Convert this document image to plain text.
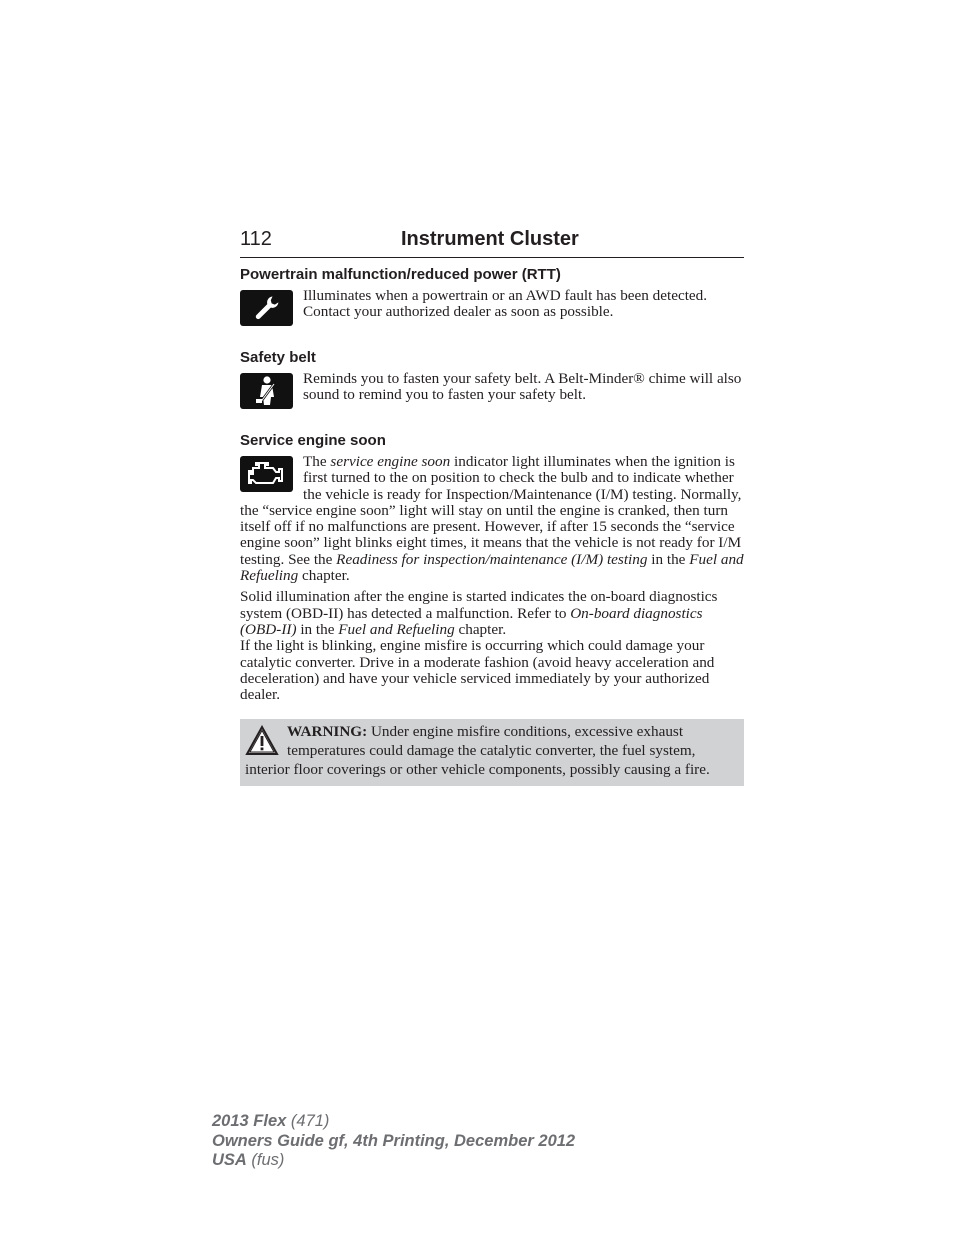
112	Instrument Cluster
Powertrain malfunction/reduced power (RTT)

Illuminates when a powertrain or an AWD fault has been detected. Contact your authorized dealer as soon as possible.

Safety belt

Reminds you to fasten your safety belt. A Belt-Minder® chime will also sound to remind you to fasten your safety belt.

Service engine soon

The service engine soon indicator light illuminates when the ignition is first turned to the on position to check the bulb and to indicate whether the vehicle is ready for Inspection/Maintenance (I/M) testing. Normally, the “service engine soon” light will stay on until the engine is cranked, then turn itself off if no malfunctions are present. However, if after 15 seconds the “service engine soon” light blinks eight times, it means that the vehicle is not ready for I/M testing. See the Readiness for inspection/maintenance (I/M) testing in the Fuel and Refueling chapter.

Solid illumination after the engine is started indicates the on-board diagnostics system (OBD-II) has detected a malfunction. Refer to On-board diagnostics (OBD-II) in the Fuel and Refueling chapter.
If the light is blinking, engine misfire is occurring which could damage your catalytic converter. Drive in a moderate fashion (avoid heavy acceleration and deceleration) and have your vehicle serviced immediately by your authorized dealer.

WARNING: Under engine misfire conditions, excessive exhaust temperatures could damage the catalytic converter, the fuel system, interior floor coverings or other vehicle components, possibly causing a fire.
2013 Flex (471)
Owners Guide gf, 4th Printing, December 2012
USA (fus)
